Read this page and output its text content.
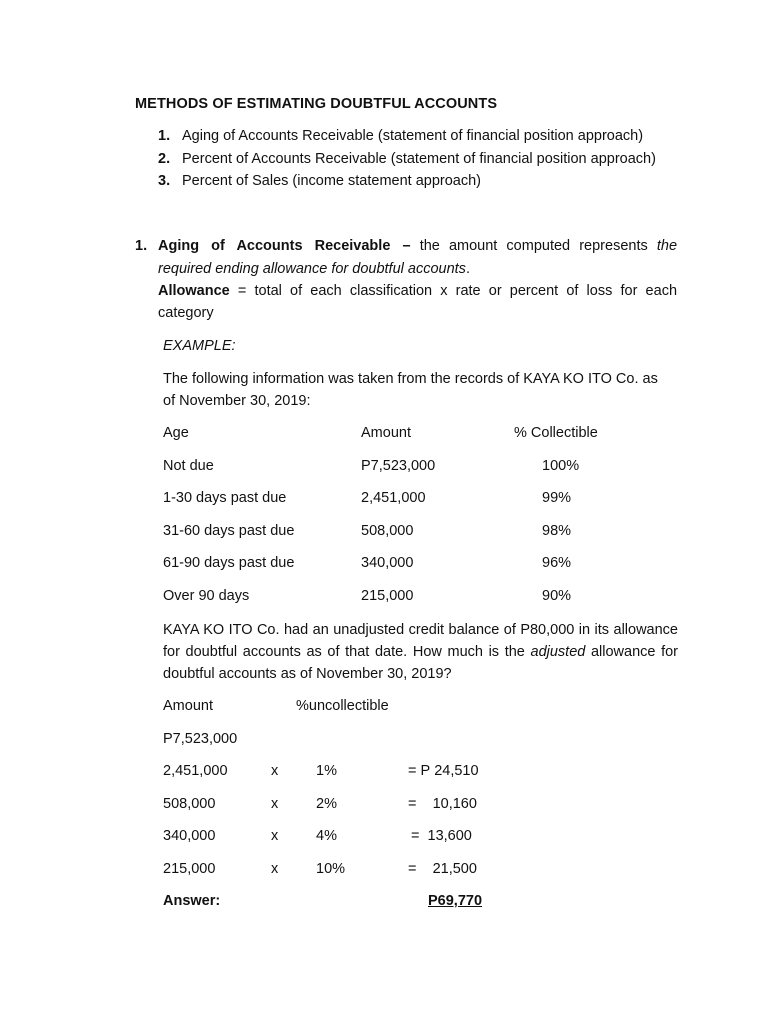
METHODS OF ESTIMATING DOUBTFUL ACCOUNTS
1. Aging of Accounts Receivable (statement of financial position approach)
2. Percent of Accounts Receivable (statement of financial position approach)
3. Percent of Sales (income statement approach)
1. Aging of Accounts Receivable – the amount computed represents the
required ending allowance for doubtful accounts.
Allowance = total of each classification x rate or percent of loss for each
category
EXAMPLE:
The following information was taken from the records of KAYA KO ITO Co. as
of November 30, 2019:
Age	Amount	% Collectible
Not due	P7,523,000	100%
1-30 days past due	2,451,000	99%
31-60 days past due	508,000	98%
61-90 days past due	340,000	96%
Over 90 days	215,000	90%
KAYA KO ITO Co. had an unadjusted credit balance of P80,000 in its allowance
for doubtful accounts as of that date. How much is the adjusted allowance for
doubtful accounts as of November 30, 2019?
Amount	%uncollectible
P7,523,000
2,451,000	x	1%	= P 24,510
508,000	x	2%	=    10,160
340,000	x	4%	=  13,600
215,000	x	10%	=    21,500
Answer:	P69,770
